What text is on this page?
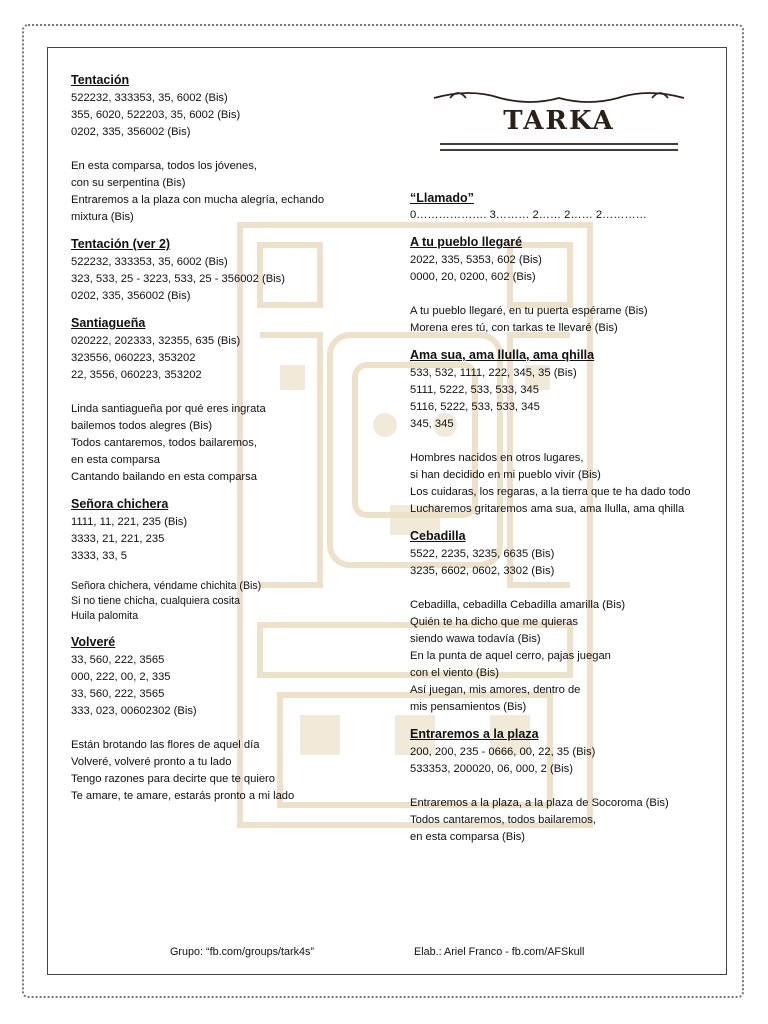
TARKA
Tentación
522232, 333353, 35, 6002 (Bis)
355, 6020, 522203, 35, 6002 (Bis)
0202, 335, 356002 (Bis)
En esta comparsa, todos los jóvenes,
con su serpentina (Bis)
Entraremos a la plaza con mucha alegría, echando
mixtura (Bis)
Tentación (ver 2)
522232, 333353, 35, 6002 (Bis)
323, 533, 25 - 3223, 533, 25 - 356002 (Bis)
0202, 335, 356002 (Bis)
Santiagueña
020222, 202333, 32355, 635 (Bis)
323556, 060223, 353202
22, 3556, 060223, 353202
Linda santiagueña por qué eres ingrata
bailemos todos alegres (Bis)
Todos cantaremos, todos bailaremos,
en esta comparsa
Cantando bailando en esta comparsa
Señora chichera
1111, 11, 221, 235 (Bis)
3333, 21, 221, 235
3333, 33, 5
Señora chichera, véndame chichita (Bis)
Si no tiene chicha, cualquiera cosita
Huila palomita
Volveré
33, 560, 222, 3565
000, 222, 00, 2, 335
33, 560, 222, 3565
333, 023, 00602302 (Bis)
Están brotando las flores de aquel día
Volveré, volveré pronto a tu lado
Tengo razones para decirte que te quiero
Te amare, te amare, estarás pronto a mi lado
“Llamado”
0………………. 3……… 2…… 2…… 2…………
A tu pueblo llegaré
2022, 335, 5353, 602 (Bis)
0000, 20, 0200, 602 (Bis)
A tu pueblo llegaré, en tu puerta espérame (Bis)
Morena eres tú, con tarkas te llevaré (Bis)
Ama sua, ama llulla, ama qhilla
533, 532, 1111, 222, 345, 35 (Bis)
5111, 5222, 533, 533, 345
5116, 5222, 533, 533, 345
345, 345
Hombres nacidos en otros lugares,
si han decidido en mi pueblo vivir (Bis)
Los cuidaras, los regaras, a la tierra que te ha dado todo
Lucharemos gritaremos ama sua, ama llulla, ama qhilla
Cebadilla
5522, 2235, 3235, 6635 (Bis)
3235, 6602, 0602, 3302 (Bis)
Cebadilla, cebadilla Cebadilla amarilla (Bis)
Quién te ha dicho que me quieras
siendo wawa todavía (Bis)
En la punta de aquel cerro, pajas juegan
con el viento (Bis)
Así juegan, mis amores, dentro de
mis pensamientos (Bis)
Entraremos a la plaza
200, 200, 235 - 0666, 00, 22, 35 (Bis)
533353, 200020, 06, 000, 2 (Bis)
Entraremos a la plaza, a la plaza de Socoroma (Bis)
Todos cantaremos, todos bailaremos,
en esta comparsa (Bis)
Grupo: “fb.com/groups/tark4s”	Elab.: Ariel Franco - fb.com/AFSkull
